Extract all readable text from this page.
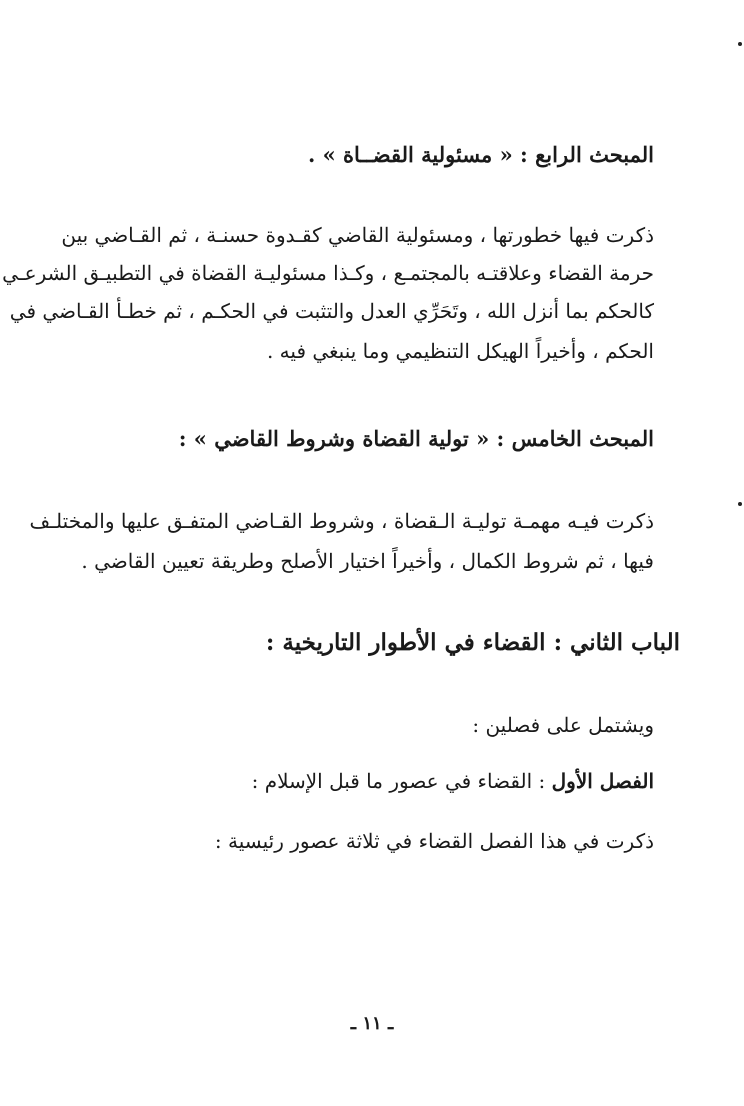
المبحث الرابع : « مسئولية القضــاة » .
ذكرت فيها خطورتها ، ومسئولية القاضي كقـدوة حسنـة ، ثم القـاضي بين
حرمة القضاء وعلاقتـه بالمجتمـع ، وكـذا مسئوليـة القضاة في التطبيـق الشرعـي
كالحكم بما أنزل الله ، وتَحَرِّي العدل والتثبت في الحكـم ، ثم خطـأ القـاضي في
الحكم ، وأخيراً الهيكل التنظيمي وما ينبغي فيه .
المبحث الخامس : « تولية القضاة وشروط القاضي » :
ذكرت فيـه مهمـة توليـة الـقضاة ، وشروط القـاضي المتفـق عليها والمختلـف
فيها ، ثم شروط الكمال ، وأخيراً اختيار الأصلح وطريقة تعيين القاضي .
الباب الثاني : القضاء في الأطوار التاريخية :
ويشتمل على فصلين :
الفصل الأول : القضاء في عصور ما قبل الإسلام :
ذكرت في هذا الفصل القضاء في ثلاثة عصور رئيسية :
ـ ١١ ـ
